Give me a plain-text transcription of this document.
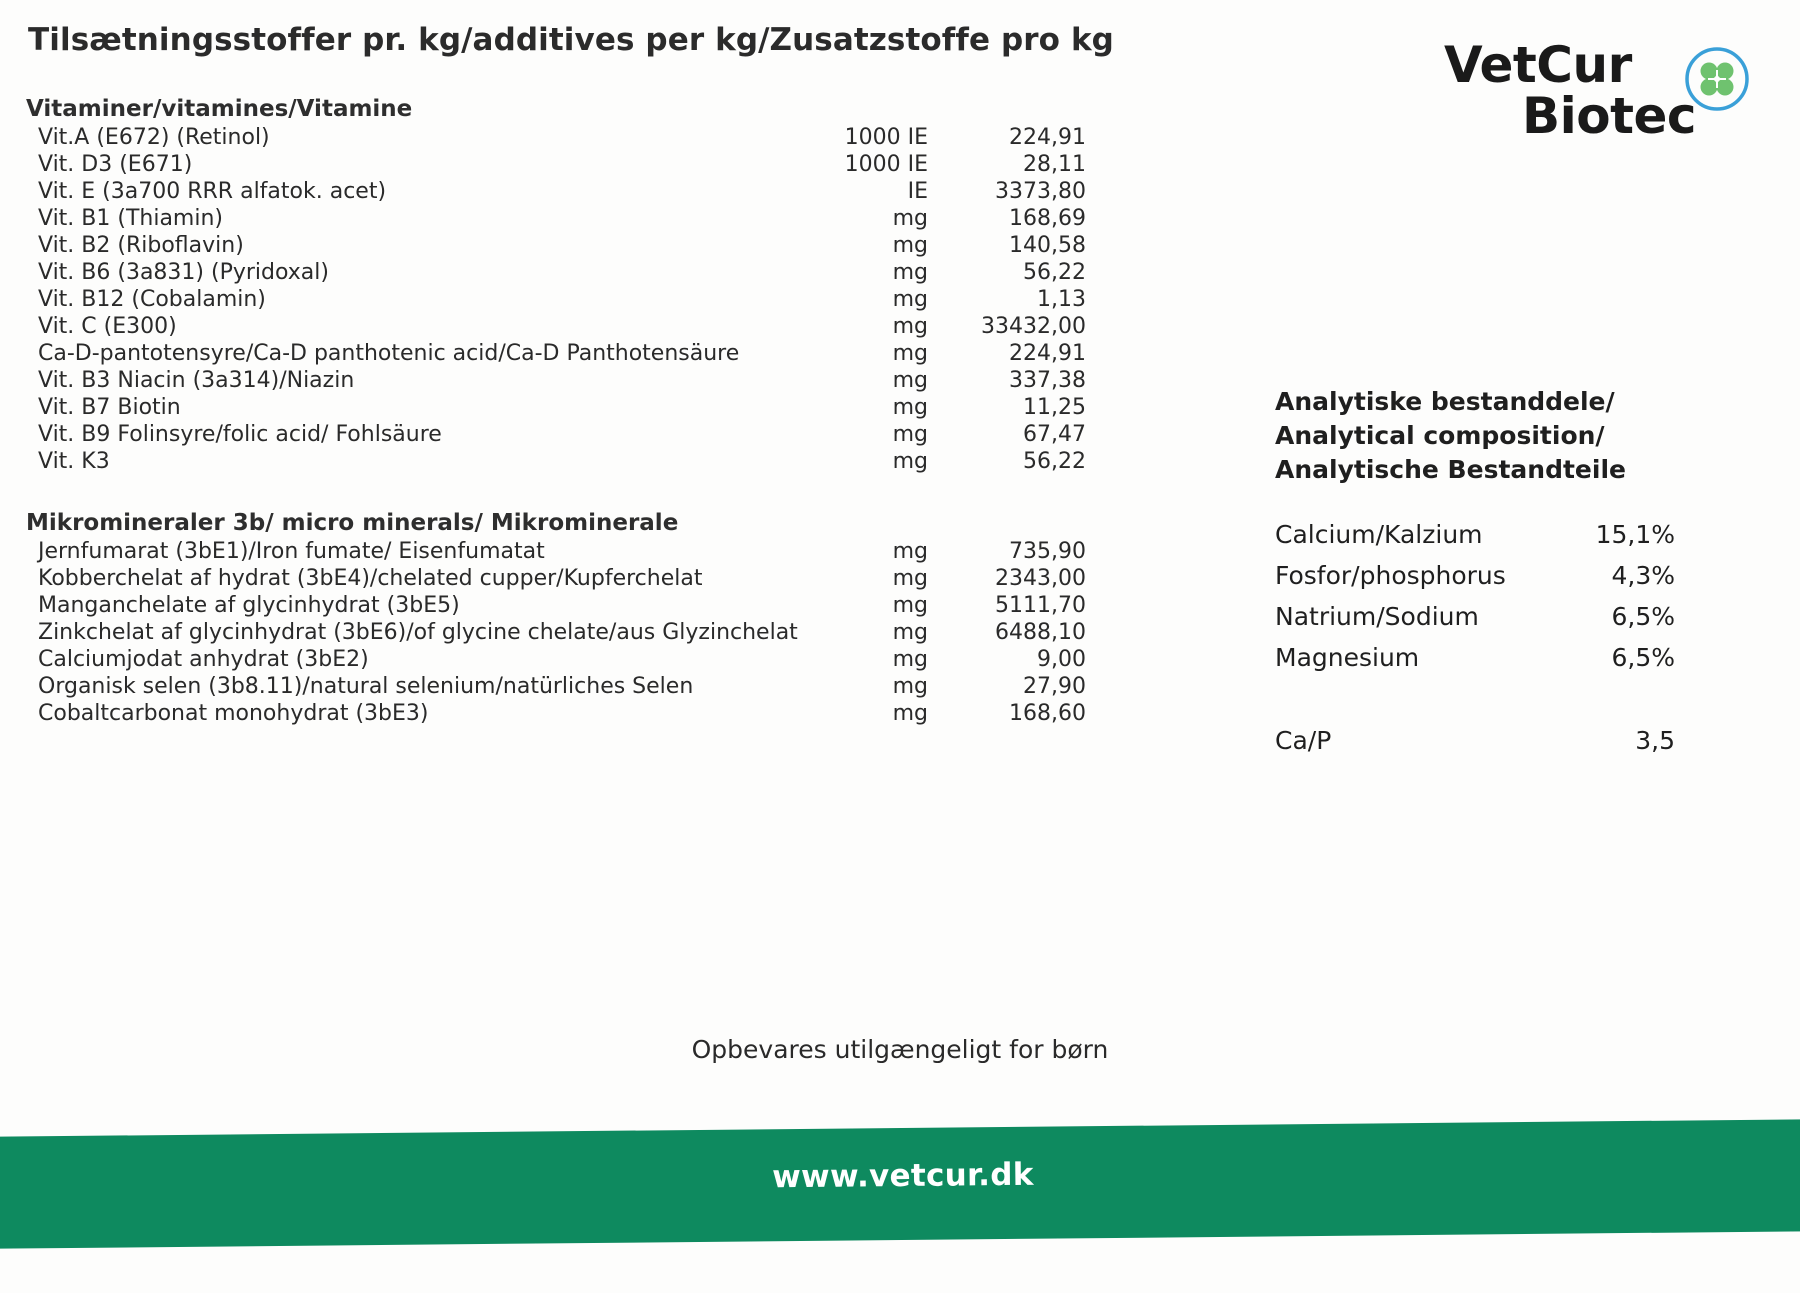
Tilsætningsstoffer pr. kg/additives per kg/Zusatzstoffe pro kg	VetCur
Biotec
Vitaminer/vitamines/Vitamine
Vit.A (E672) (Retinol)	1000 IE	224,91
Vit. D3 (E671)	1000 IE	28,11
Vit. E (3a700 RRR alfatok. acet)	IE	3373,80
Vit. B1 (Thiamin)	mg	168,69
Vit. B2 (Riboflavin)	mg	140,58
Vit. B6 (3a831) (Pyridoxal)	mg	56,22
Vit. B12 (Cobalamin)	mg	1,13
Vit. C (E300)	mg	33432,00
Ca-D-pantotensyre/Ca-D panthotenic acid/Ca-D Panthotensäure	mg	224,91
Vit. B3 Niacin (3a314)/Niazin	mg	337,38
Vit. B7 Biotin	mg	11,25
Vit. B9 Folinsyre/folic acid/ Fohlsäure	mg	67,47
Vit. K3	mg	56,22
Mikromineraler 3b/ micro minerals/ Mikrominerale
Jernfumarat (3bE1)/Iron fumate/ Eisenfumatat	mg	735,90
Kobberchelat af hydrat (3bE4)/chelated cupper/Kupferchelat	mg	2343,00
Manganchelate af glycinhydrat (3bE5)	mg	5111,70
Zinkchelat af glycinhydrat (3bE6)/of glycine chelate/aus Glyzinchelat	mg	6488,10
Calciumjodat anhydrat (3bE2)	mg	9,00
Organisk selen (3b8.11)/natural selenium/natürliches Selen	mg	27,90
Cobaltcarbonat monohydrat (3bE3)	mg	168,60
Analytiske bestanddele/
Analytical composition/
Analytische Bestandteile
Calcium/Kalzium	15,1%
Fosfor/phosphorus	4,3%
Natrium/Sodium	6,5%
Magnesium	6,5%
Ca/P	3,5
Opbevares utilgængeligt for børn
www.vetcur.dk
